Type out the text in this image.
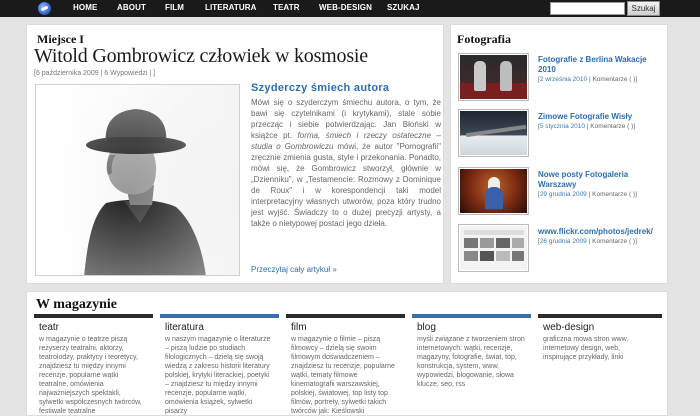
HOME ABOUT FILM	LITERATURA TEATR WEB-DESIGN SZUKAJ	Szukaj
Miejsce I
Witold Gombrowicz człowiek w kosmosie
[6 października 2009 | 6 Wypowiedzi | ]
Szyderczy śmiech autora
Mówi się o szyderczym śmiechu autora, o tym, że bawi się czytelnikami (i krytykami), stale sobie przecząc i siebie potwierdzając. Jan Błoński w książce pt. forma, śmiech i rzeczy ostateczne – studia o Gombrowiczu mówi, że autor "Pornografii" zręcznie zmienia gusta, style i przekonania. Ponadto, mówi się, że Gombrowicz stworzył, głównie w „Dzienniku", w „Testamencie: Rozmowy z Dominique de Roux" i w korespondencji taki model interpretacyjny własnych utworów, poza który trudno jest wyjść. Świadczy to o dużej precyzji artysty, a także o nietypowej postaci jego dzieła.
Przeczytaj cały artykuł »
Fotografia
Fotografie z Berlina Wakacje 2010
[2 września 2010 | Komentarze ( )]
Zimowe Fotografie Wisły
[5 stycznia 2010 | Komentarze ( )]
Nowe posty Fotogaleria Warszawy
[29 grudnia 2009 | Komentarze ( )]
www.flickr.com/photos/jedrek/
[26 grudnia 2009 | Komentarze ( )]
W magazynie
teatr
w magazynie o teatrze piszą reżyserzy teatralni, aktorzy, teatrolodzy, praktycy i teoretycy, znajdziesz tu między innymi recenzje, popularne wątki teatralne, omówienia najważniejszych spektakli, sylwetki współczesnych twórców, festiwale teatralne
literatura
w naszym magazynie o literaturze – piszą ludzie po studiach filologicznych – dzielą się swoją wiedzą z zakresu historii literatury polskiej, krytyki literackiej, poetyki – znajdziesz tu między innymi recenzje, popularne wątki, omówienia książek, sylwetki pisarzy
film
w magazynie o filmie – piszą filmowcy – dzielą się swoim filmowym doświadczeniem – znajdziesz tu recenzje, popularne wątki, tematy filmowe kinematografii warszawskiej, polskiej, światowej, top listy top filmów, portrety, sylwetki takich twórców jak: Kieślowski
blog
myśli związane z tworzeniem stron internetowych: wątki, recenzje, magazyny, fotografie, świat, top, konstrukcja, system, www, wypowiedzi, blogowanie, słowa klucze, seo, rss
web-design
graficzna mowa stron www, internetowy design, web, inspirujące przykłady, linki
